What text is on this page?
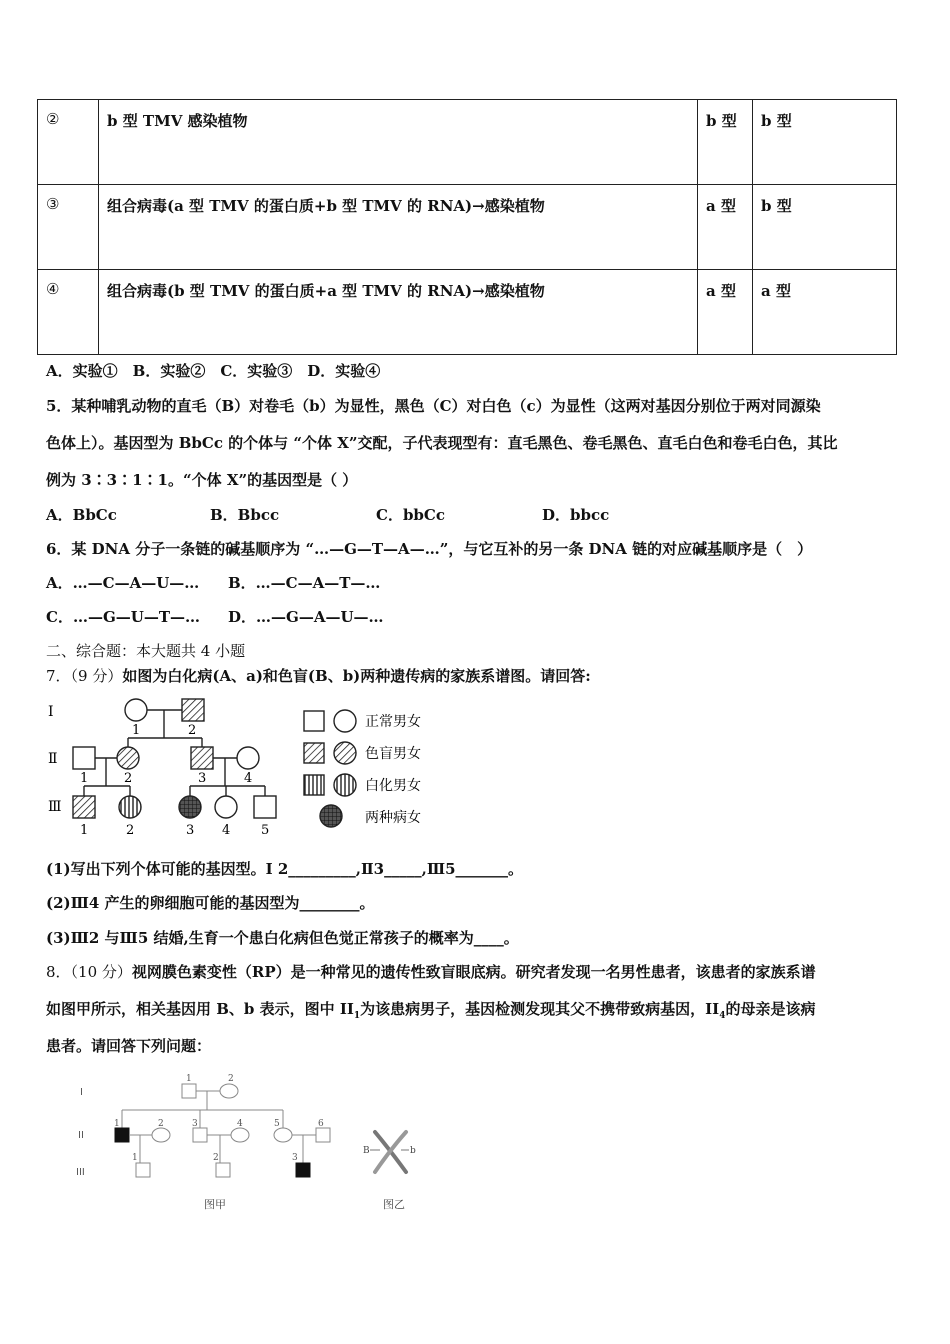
②	b 型 TMV 感染植物	b 型	b 型
③	组合病毒(a 型 TMV 的蛋白质+b 型 TMV 的 RNA)→感染植物	a 型	b 型
④	组合病毒(b 型 TMV 的蛋白质+a 型 TMV 的 RNA)→感染植物	a 型	a 型
A．实验①　B．实验②　C．实验③　D．实验④
5．某种哺乳动物的直毛（B）对卷毛（b）为显性，黑色（C）对白色（c）为显性（这两对基因分别位于两对同源染
色体上）。基因型为 BbCc 的个体与 “个体 X”交配，子代表现型有：直毛黑色、卷毛黑色、直毛白色和卷毛白色，其比
例为 3∶3∶1∶1。“个体 X”的基因型是（ ）
A．BbCc	B．Bbcc	C．bbCc	D．bbcc
6．某 DNA 分子一条链的碱基顺序为 “…—G—T—A—…”，与它互补的另一条 DNA 链的对应碱基顺序是（　）
A．…—C—A—U—… B．…—C—A—T—…
C．…—G—U—T—… D．…—G—A—U—…
二、综合题：本大题共 4 小题
7．（9 分）如图为白化病(A、a)和色盲(B、b)两种遗传病的家族系谱图。请回答:
Ⅰ
Ⅱ
Ⅲ
1	2
1	2	3	4
1	2	3 4 5
正常男女
色盲男女
白化男女
两种病女
(1)写出下列个体可能的基因型。Ⅰ 2_________,Ⅱ3_____,Ⅲ5_______。
(2)Ⅲ4 产生的卵细胞可能的基因型为________。
(3)Ⅲ2 与Ⅲ5 结婚,生育一个患白化病但色觉正常孩子的概率为____。
8．（10 分）视网膜色素变性（RP）是一种常见的遗传性致盲眼底病。研究者发现一名男性患者，该患者的家族系谱
如图甲所示，相关基因用 B、b 表示，图中 $II_1$为该患病男子，基因检测发现其父不携带致病基因，$II_4$的母亲是该病
患者。请回答下列问题：
I
II
III
1	2
1	2	3	4	5	6
1	2	3
图甲
B	b
图乙
